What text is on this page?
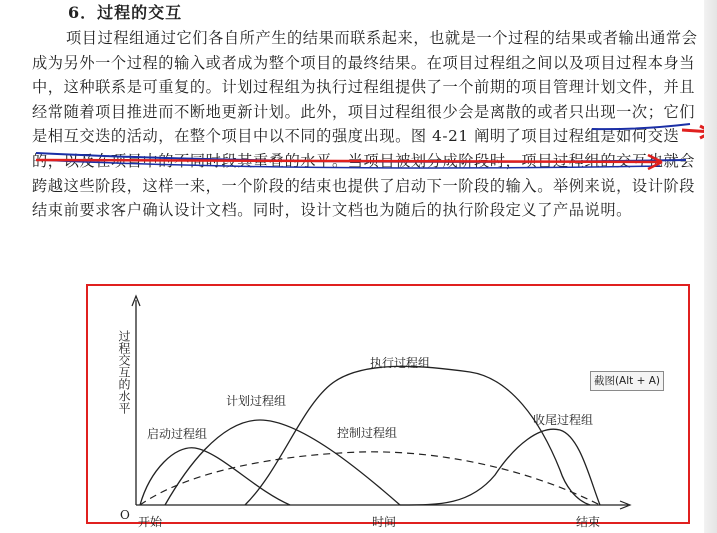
6．过程的交互
项目过程组通过它们各自所产生的结果而联系起来，也就是一个过程的结果或者输出通常会成为另外一个过程的输入或者成为整个项目的最终结果。在项目过程组之间以及项目过程本身当中，这种联系是可重复的。计划过程组为执行过程组提供了一个前期的项目管理计划文件，并且经常随着项目推进而不断地更新计划。此外，项目过程组很少会是离散的或者只出现一次；它们是相互交迭的活动，在整个项目中以不同的强度出现。图 4-21 阐明了项目过程组是如何交迭的，以及在项目中的不同时段其重叠的水平。当项目被划分成阶段时，项目过程组的交互也就会跨越这些阶段，这样一来，一个阶段的结束也提供了启动下一阶段的输入。举例来说，设计阶段结束前要求客户确认设计文档。同时，设计文档也为随后的执行阶段定义了产品说明。
过程交互的水平
O 开始	时间	结束
启动过程组
计划过程组
执行过程组
控制过程组
收尾过程组
截图(Alt + A)
